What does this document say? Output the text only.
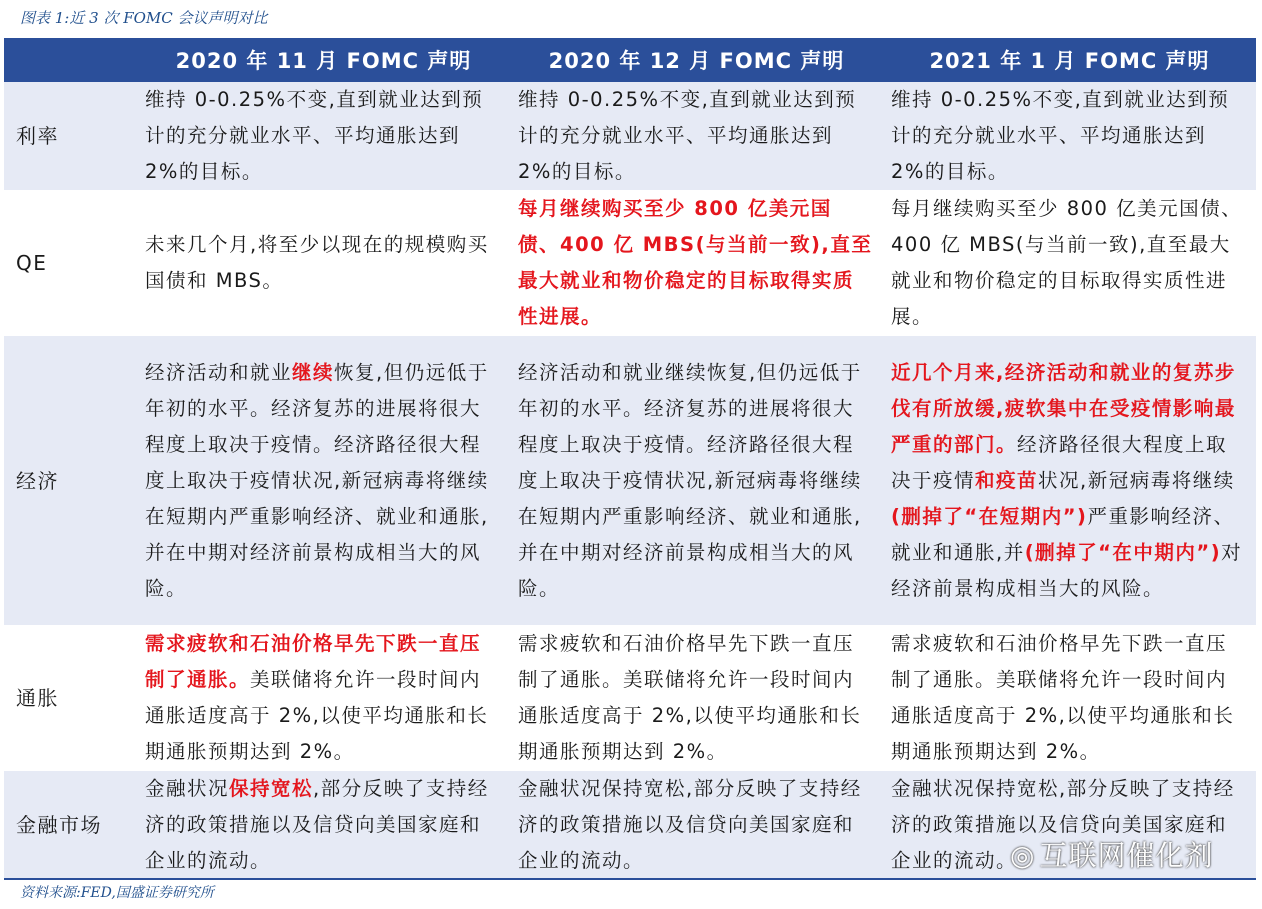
图表 1:近 3 次 FOMC 会议声明对比
	2020 年 11 月 FOMC 声明	2020 年 12 月 FOMC 声明	2021 年 1 月 FOMC 声明
利率	维持 0-0.25%不变,直到就业达到预计的充分就业水平、平均通胀达到 2%的目标。	维持 0-0.25%不变,直到就业达到预计的充分就业水平、平均通胀达到 2%的目标。	维持 0-0.25%不变,直到就业达到预计的充分就业水平、平均通胀达到 2%的目标。
QE	未来几个月,将至少以现在的规模购买国债和 MBS。	每月继续购买至少 800 亿美元国债、400 亿 MBS(与当前一致),直至最大就业和物价稳定的目标取得实质性进展。	每月继续购买至少 800 亿美元国债、400 亿 MBS(与当前一致),直至最大就业和物价稳定的目标取得实质性进展。
经济	经济活动和就业继续恢复,但仍远低于年初的水平。经济复苏的进展将很大程度上取决于疫情。经济路径很大程度上取决于疫情状况,新冠病毒将继续在短期内严重影响经济、就业和通胀,并在中期对经济前景构成相当大的风险。	经济活动和就业继续恢复,但仍远低于年初的水平。经济复苏的进展将很大程度上取决于疫情。经济路径很大程度上取决于疫情状况,新冠病毒将继续在短期内严重影响经济、就业和通胀,并在中期对经济前景构成相当大的风险。	近几个月来,经济活动和就业的复苏步伐有所放缓,疲软集中在受疫情影响最严重的部门。经济路径很大程度上取决于疫情和疫苗状况,新冠病毒将继续(删掉了“在短期内”)严重影响经济、就业和通胀,并(删掉了“在中期内”)对经济前景构成相当大的风险。
通胀	需求疲软和石油价格早先下跌一直压制了通胀。美联储将允许一段时间内通胀适度高于 2%,以使平均通胀和长期通胀预期达到 2%。	需求疲软和石油价格早先下跌一直压制了通胀。美联储将允许一段时间内通胀适度高于 2%,以使平均通胀和长期通胀预期达到 2%。	需求疲软和石油价格早先下跌一直压制了通胀。美联储将允许一段时间内通胀适度高于 2%,以使平均通胀和长期通胀预期达到 2%。
金融市场	金融状况保持宽松,部分反映了支持经济的政策措施以及信贷向美国家庭和企业的流动。	金融状况保持宽松,部分反映了支持经济的政策措施以及信贷向美国家庭和企业的流动。	金融状况保持宽松,部分反映了支持经济的政策措施以及信贷向美国家庭和企业的流动。
资料来源:FED,国盛证券研究所
◎ 互联网催化剂
